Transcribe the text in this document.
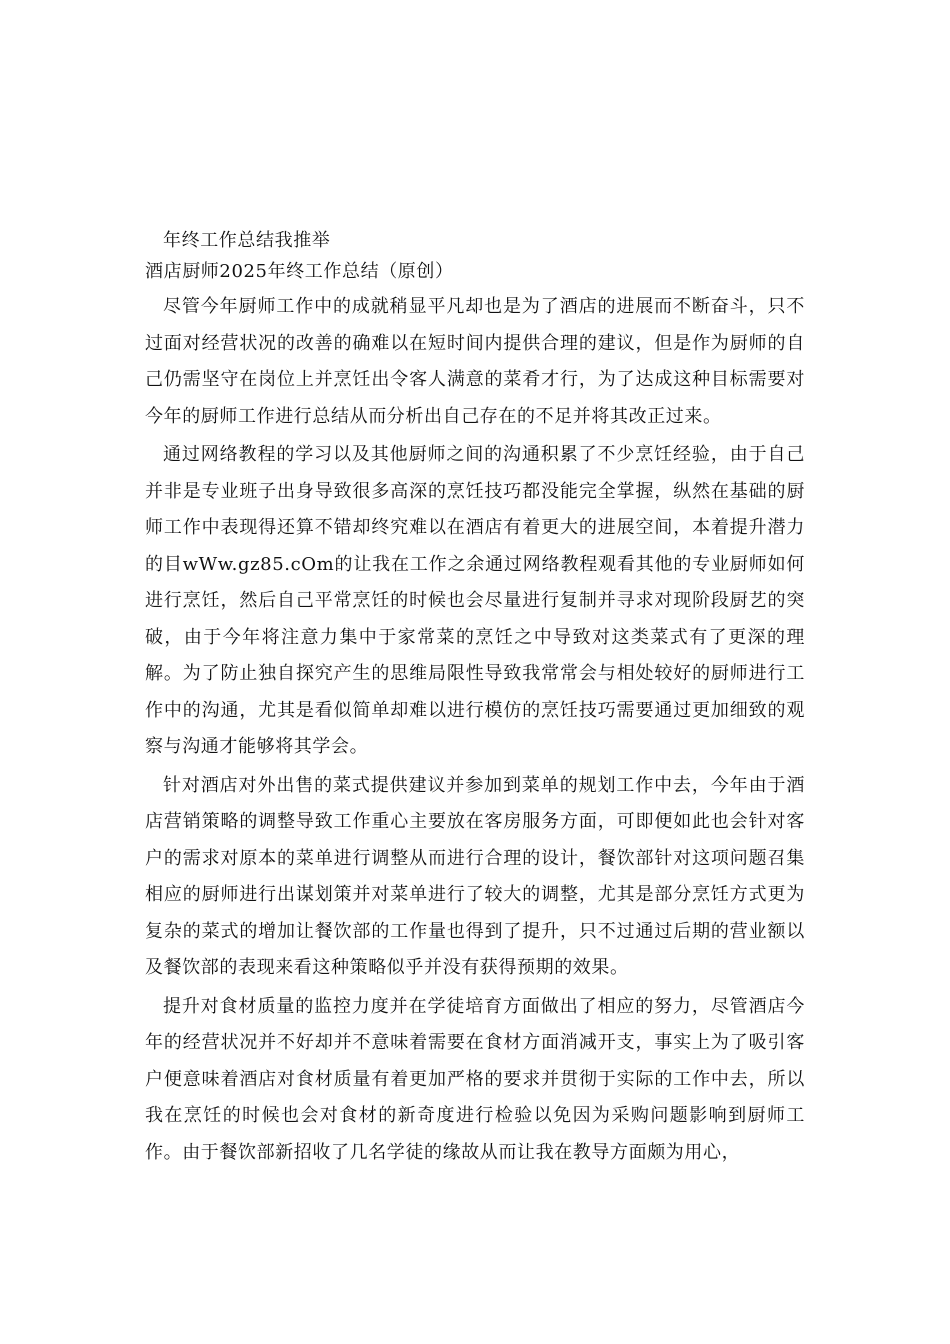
年终工作总结我推举

酒店厨师2025年终工作总结（原创）

尽管今年厨师工作中的成就稍显平凡却也是为了酒店的进展而不断奋斗，只不过面对经营状况的改善的确难以在短时间内提供合理的建议，但是作为厨师的自己仍需坚守在岗位上并烹饪出令客人满意的菜肴才行，为了达成这种目标需要对今年的厨师工作进行总结从而分析出自己存在的不足并将其改正过来。

通过网络教程的学习以及其他厨师之间的沟通积累了不少烹饪经验，由于自己并非是专业班子出身导致很多高深的烹饪技巧都没能完全掌握，纵然在基础的厨师工作中表现得还算不错却终究难以在酒店有着更大的进展空间，本着提升潜力的目wWw.gz85.cOm的让我在工作之余通过网络教程观看其他的专业厨师如何进行烹饪，然后自己平常烹饪的时候也会尽量进行复制并寻求对现阶段厨艺的突破，由于今年将注意力集中于家常菜的烹饪之中导致对这类菜式有了更深的理解。为了防止独自探究产生的思维局限性导致我常常会与相处较好的厨师进行工作中的沟通，尤其是看似简单却难以进行模仿的烹饪技巧需要通过更加细致的观察与沟通才能够将其学会。

针对酒店对外出售的菜式提供建议并参加到菜单的规划工作中去，今年由于酒店营销策略的调整导致工作重心主要放在客房服务方面，可即便如此也会针对客户的需求对原本的菜单进行调整从而进行合理的设计，餐饮部针对这项问题召集相应的厨师进行出谋划策并对菜单进行了较大的调整，尤其是部分烹饪方式更为复杂的菜式的增加让餐饮部的工作量也得到了提升，只不过通过后期的营业额以及餐饮部的表现来看这种策略似乎并没有获得预期的效果。

提升对食材质量的监控力度并在学徒培育方面做出了相应的努力，尽管酒店今年的经营状况并不好却并不意味着需要在食材方面消减开支，事实上为了吸引客户便意味着酒店对食材质量有着更加严格的要求并贯彻于实际的工作中去，所以我在烹饪的时候也会对食材的新奇度进行检验以免因为采购问题影响到厨师工作。由于餐饮部新招收了几名学徒的缘故从而让我在教导方面颇为用心，
